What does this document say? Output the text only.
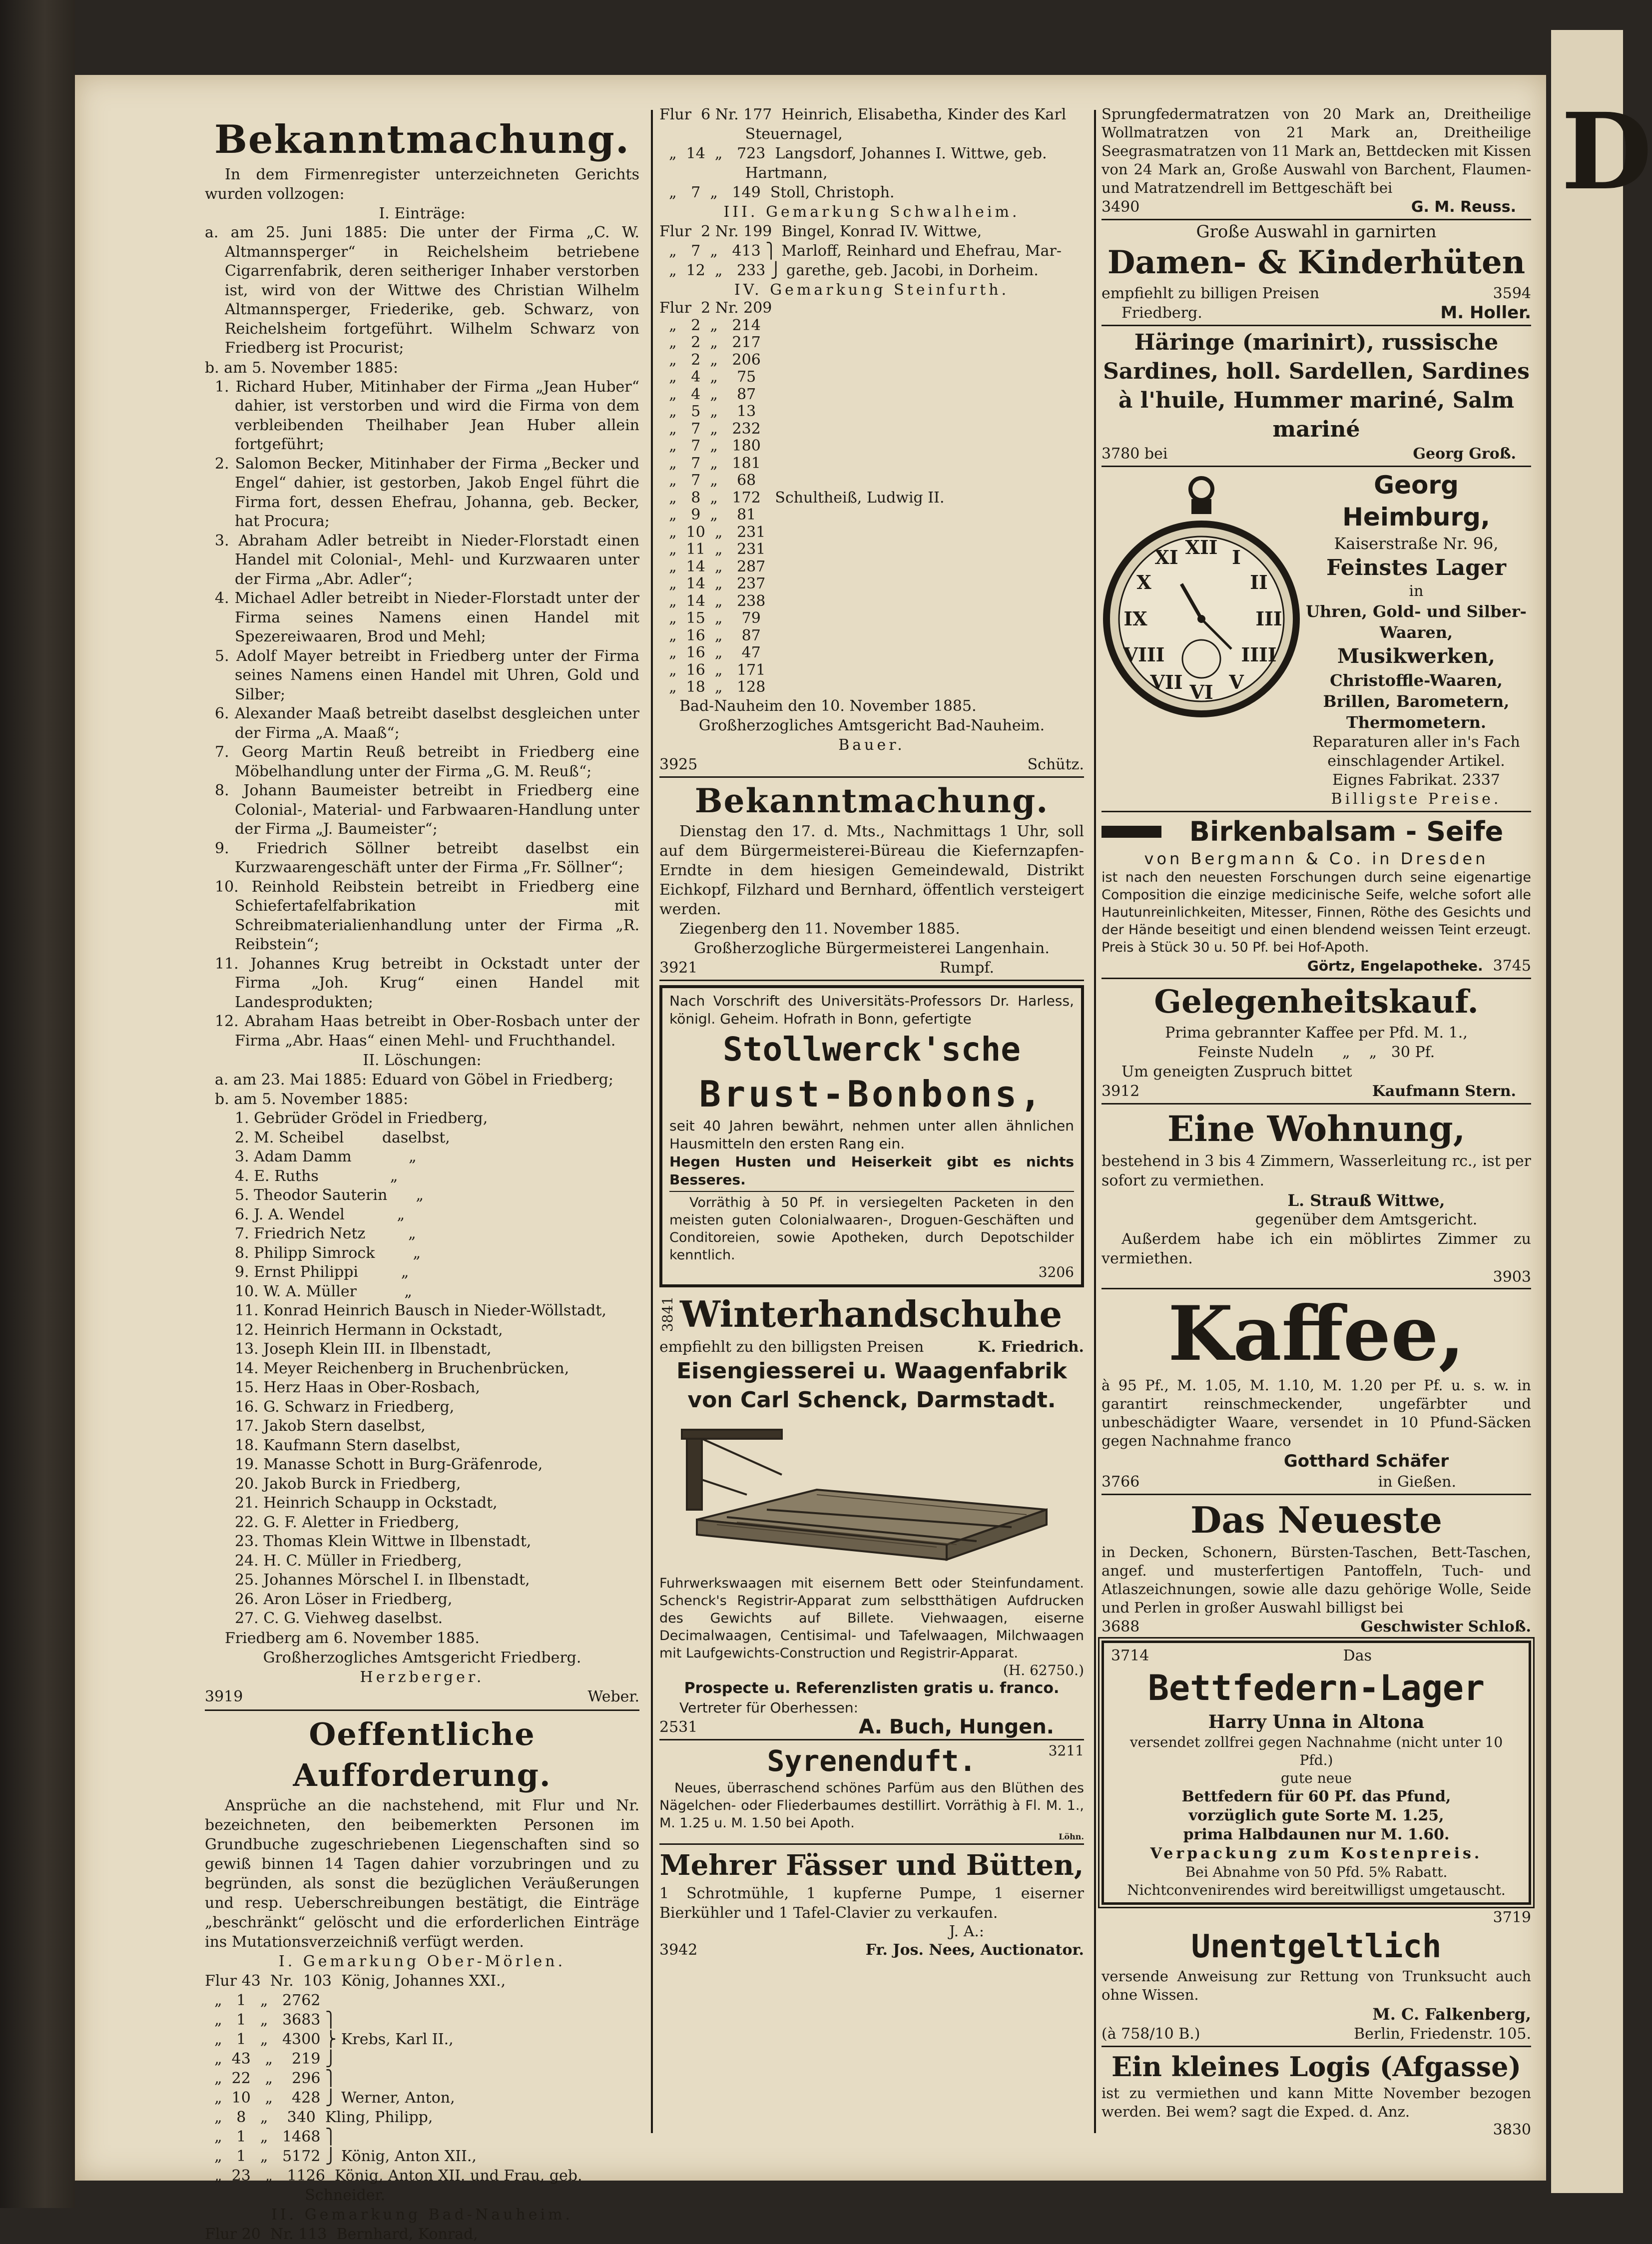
Bekanntmachung.

In dem Firmenregister unterzeichneten Gerichts wurden vollzogen:

I. Einträge:

a. am 25. Juni 1885: Die unter der Firma „C. W. Altmannsperger“ in Reichelsheim betriebene Cigarrenfabrik, deren seitheriger Inhaber verstorben ist, wird von der Wittwe des Christian Wilhelm Altmannsperger, Friederike, geb. Schwarz, von Reichelsheim fortgeführt. Wilhelm Schwarz von Friedberg ist Procurist;

b. am 5. November 1885:

1. Richard Huber, Mitinhaber der Firma „Jean Huber“ dahier, ist verstorben und wird die Firma von dem verbleibenden Theilhaber Jean Huber allein fortgeführt;

2. Salomon Becker, Mitinhaber der Firma „Becker und Engel“ dahier, ist gestorben, Jakob Engel führt die Firma fort, dessen Ehefrau, Johanna, geb. Becker, hat Procura;

3. Abraham Adler betreibt in Nieder-Florstadt einen Handel mit Colonial-, Mehl- und Kurzwaaren unter der Firma „Abr. Adler“;

4. Michael Adler betreibt in Nieder-Florstadt unter der Firma seines Namens einen Handel mit Spezereiwaaren, Brod und Mehl;

5. Adolf Mayer betreibt in Friedberg unter der Firma seines Namens einen Handel mit Uhren, Gold und Silber;

6. Alexander Maaß betreibt daselbst desgleichen unter der Firma „A. Maaß“;

7. Georg Martin Reuß betreibt in Friedberg eine Möbelhandlung unter der Firma „G. M. Reuß“;

8. Johann Baumeister betreibt in Friedberg eine Colonial-, Material- und Farbwaaren-Handlung unter der Firma „J. Baumeister“;

9. Friedrich Söllner betreibt daselbst ein Kurzwaarengeschäft unter der Firma „Fr. Söllner“;

10. Reinhold Reibstein betreibt in Friedberg eine Schiefertafelfabrikation mit Schreibmaterialienhandlung unter der Firma „R. Reibstein“;

11. Johannes Krug betreibt in Ockstadt unter der Firma „Joh. Krug“ einen Handel mit Landesprodukten;

12. Abraham Haas betreibt in Ober-Rosbach unter der Firma „Abr. Haas“ einen Mehl- und Fruchthandel.

II. Löschungen:

a. am 23. Mai 1885: Eduard von Göbel in Friedberg;

b. am 5. November 1885:

1. Gebrüder Grödel in Friedberg,

2. M. Scheibel        daselbst,

3. Adam Damm            „

4. E. Ruths               „

5. Theodor Sauterin      „

6. J. A. Wendel           „

7. Friedrich Netz         „

8. Philipp Simrock        „

9. Ernst Philippi         „

10. W. A. Müller          „

11. Konrad Heinrich Bausch in Nieder-Wöllstadt,

12. Heinrich Hermann in Ockstadt,

13. Joseph Klein III. in Ilbenstadt,

14. Meyer Reichenberg in Bruchenbrücken,

15. Herz Haas in Ober-Rosbach,

16. G. Schwarz in Friedberg,

17. Jakob Stern daselbst,

18. Kaufmann Stern daselbst,

19. Manasse Schott in Burg-Gräfenrode,

20. Jakob Burck in Friedberg,

21. Heinrich Schaupp in Ockstadt,

22. G. F. Aletter in Friedberg,

23. Thomas Klein Wittwe in Ilbenstadt,

24. H. C. Müller in Friedberg,

25. Johannes Mörschel I. in Ilbenstadt,

26. Aron Löser in Friedberg,

27. C. G. Viehweg daselbst.

Friedberg am 6. November 1885.

Großherzogliches Amtsgericht Friedberg.

Herzberger.

3919	Weber.
Oeffentliche Aufforderung.

Ansprüche an die nachstehend, mit Flur und Nr. bezeichneten, den beibemerkten Personen im Grundbuche zugeschriebenen Liegenschaften sind so gewiß binnen 14 Tagen dahier vorzubringen und zu begründen, als sonst die bezüglichen Veräußerungen und resp. Ueberschreibungen bestätigt, die Einträge „beschränkt“ gelöscht und die erforderlichen Einträge ins Mutationsverzeichniß verfügt werden.

I. Gemarkung Ober-Mörlen.

Flur 43  Nr.  103  König, Johannes XXI.,

„   1   „   2762

„   1   „   3683 ⎫

„   1   „   4300 ⎬ Krebs, Karl II.,

„  43   „    219 ⎭

„  22   „    296 ⎫

„  10   „    428 ⎭ Werner, Anton,

„   8   „    340  Kling, Philipp,

„   1   „   1468 ⎫

„   1   „   5172 ⎭ König, Anton XII.,

„  23   „   1126  König, Anton XII. und Frau, geb.

Schneider.

II. Gemarkung Bad-Nauheim.

Flur 20  Nr. 113  Bernhard, Konrad,

Flur  6 Nr. 177  Heinrich, Elisabetha, Kinder des Karl

Steuernagel,

„  14  „   723  Langsdorf, Johannes I. Wittwe, geb.

Hartmann,

„   7  „   149  Stoll, Christoph.

III. Gemarkung Schwalheim.

Flur  2 Nr. 199  Bingel, Konrad IV. Wittwe,

„   7  „   413 ⎫ Marloff, Reinhard und Ehefrau, Mar-

„  12  „   233 ⎭ garethe, geb. Jacobi, in Dorheim.

IV. Gemarkung Steinfurth.

Flur  2 Nr. 209

„   2  „   214

„   2  „   217

„   2  „   206

„   4  „    75

„   4  „    87

„   5  „    13

„   7  „   232

„   7  „   180

„   7  „   181

„   7  „    68

„   8  „   172   Schultheiß, Ludwig II.

„   9  „    81

„  10  „   231

„  11  „   231

„  14  „   287

„  14  „   237

„  14  „   238

„  15  „    79

„  16  „    87

„  16  „    47

„  16  „   171

„  18  „   128

Bad-Nauheim den 10. November 1885.

Großherzogliches Amtsgericht Bad-Nauheim.

Bauer.

3925	Schütz.
Bekanntmachung.

Dienstag den 17. d. Mts., Nachmittags 1 Uhr, soll auf dem Bürgermeisterei-Büreau die Kiefernzapfen-Erndte in dem hiesigen Gemeindewald, Distrikt Eichkopf, Filzhard und Bernhard, öffentlich versteigert werden.

Ziegenberg den 11. November 1885.

Großherzogliche Bürgermeisterei Langenhain.

3921	Rumpf.

Nach Vorschrift des Universitäts-Professors Dr. Harless, königl. Geheim. Hofrath in Bonn, gefertigte

Stollwerck'sche
Brust-Bonbons,

seit 40 Jahren bewährt, nehmen unter allen ähnlichen Hausmitteln den ersten Rang ein.

Hegen Husten und Heiserkeit gibt es nichts Besseres.

Vorräthig à 50 Pf. in versiegelten Packeten in den meisten guten Colonialwaaren-, Droguen-Geschäften und Conditoreien, sowie Apotheken, durch Depotschilder kenntlich.

3206
3841 Winterhandschuhe
empfiehlt zu den billigsten Preisen	K. Friedrich.
Eisengiesserei u. Waagenfabrik
von Carl Schenck, Darmstadt.

Fuhrwerkswaagen mit eisernem Bett oder Steinfundament. Schenck's Registrir-Apparat zum selbstthätigen Aufdrucken des Gewichts auf Billete. Viehwaagen, eiserne Decimalwaagen, Centisimal- und Tafelwaagen, Milchwaagen mit Laufgewichts-Construction und Registrir-Apparat.

(H. 62750.)

Prospecte u. Referenzlisten gratis u. franco.

Vertreter für Oberhessen:

2531	A. Buch, Hungen.
Syrenenduft.	3211

Neues, überraschend schönes Parfüm aus den Blüthen des Nägelchen- oder Fliederbaumes destillirt. Vorräthig à Fl. M. 1., M. 1.25 u. M. 1.50 bei Apoth.

Löhn.
Mehrer Fässer und Bütten,

1 Schrotmühle, 1 kupferne Pumpe, 1 eiserner Bierkühler und 1 Tafel-Clavier zu verkaufen.

J. A.:
3942	Fr. Jos. Nees, Auctionator.

Sprungfedermatratzen von 20 Mark an, Dreitheilige Wollmatratzen von 21 Mark an, Dreitheilige Seegrasmatratzen von 11 Mark an, Bettdecken mit Kissen von 24 Mark an, Große Auswahl von Barchent, Flaumen- und Matratzendrell im Bettgeschäft bei

3490	G. M. Reuss.

Große Auswahl in garnirten

Damen- & Kinderhüten
empfiehlt zu billigen Preisen	3594
Friedberg.	M. Holler.

Häringe (marinirt), russische Sardines, holl. Sardellen, Sardines à l'huile, Hummer mariné, Salm mariné

3780 bei	Georg Groß.
XII I
II
III
IIII
V
VI
VII
VIII
IX
X
XI
Georg Heimburg,
Kaiserstraße Nr. 96,
Feinstes Lager
in
Uhren, Gold- und Silber-Waaren,
Musikwerken,
Christoffle-Waaren, Brillen, Barometern, Thermometern.
Reparaturen aller in's Fach einschlagender Artikel.
Eignes Fabrikat. 2337
Billigste Preise.
Birkenbalsam - Seife

von Bergmann & Co. in Dresden

ist nach den neuesten Forschungen durch seine eigenartige Composition die einzige medicinische Seife, welche sofort alle Hautunreinlichkeiten, Mitesser, Finnen, Röthe des Gesichts und der Hände beseitigt und einen blendend weissen Teint erzeugt. Preis à Stück 30 u. 50 Pf. bei Hof-Apoth.

Görtz, Engelapotheke. 3745
Gelegenheitskauf.

Prima gebrannter Kaffee per Pfd. M. 1.,

Feinste Nudeln      „    „   30 Pf.

Um geneigten Zuspruch bittet

3912	Kaufmann Stern.
Eine Wohnung,

bestehend in 3 bis 4 Zimmern, Wasserleitung rc., ist per sofort zu vermiethen.

L. Strauß Wittwe,
gegenüber dem Amtsgericht.

Außerdem habe ich ein möblirtes Zimmer zu vermiethen.

3903
Kaffee,

à 95 Pf., M. 1.05, M. 1.10, M. 1.20 per Pf. u. s. w. in garantirt reinschmeckender, ungefärbter und unbeschädigter Waare, versendet in 10 Pfund-Säcken gegen Nachnahme franco

Gotthard Schäfer
3766	in Gießen.
Das Neueste

in Decken, Schonern, Bürsten-Taschen, Bett-Taschen, angef. und musterfertigen Pantoffeln, Tuch- und Atlaszeichnungen, sowie alle dazu gehörige Wolle, Seide und Perlen in großer Auswahl billigst bei

3688	Geschwister Schloß.
3714	Das
Bettfedern-Lager
Harry Unna in Altona
versendet zollfrei gegen Nachnahme (nicht unter 10 Pfd.)
gute neue
Bettfedern für 60 Pf. das Pfund,
vorzüglich gute Sorte M. 1.25,
prima Halbdaunen nur M. 1.60.
Verpackung zum Kostenpreis.
Bei Abnahme von 50 Pfd. 5% Rabatt.
Nichtconvenirendes wird bereitwilligst umgetauscht.
3719
Unentgeltlich

versende Anweisung zur Rettung von Trunksucht auch ohne Wissen.

M. C. Falkenberg,
(à 758/10 B.)	Berlin, Friedenstr. 105.
Ein kleines Logis (Afgasse)

ist zu vermiethen und kann Mitte November bezogen werden. Bei wem? sagt die Exped. d. Anz.

3830
D
